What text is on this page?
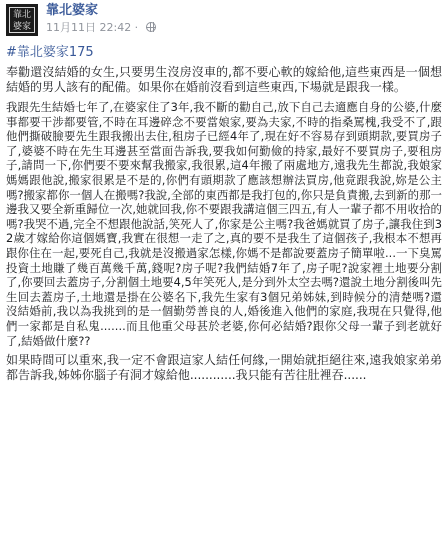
靠北
婆家
靠北婆家
11月11日 22:42 ·
#靠北婆家175

奉勸還沒結婚的女生,只要男生沒房沒車的,都不要心軟的嫁給他,這些東西是一個想結婚的男人該有的配備。如果你在婚前沒看到這些東西,下場就是跟我一樣。

我跟先生結婚七年了,在婆家住了3年,我不斷的勸自己,放下自己去適應自身的公婆,什麼事都要干涉都要管,不時在耳邊碎念不要當娘家,要為夫家,不時的指桑罵槐,我受不了,跟他們撕破臉要先生跟我搬出去住,租房子已經4年了,現在好不容易存到頭期款,要買房子了,婆婆不時在先生耳邊甚至當面告訴我,要我如何勤儉的持家,最好不要買房子,要租房子,請問一下,你們要不要來幫我搬家,我很累,這4年搬了兩處地方,遠我先生都說,我娘家媽媽跟他說,搬家很累是不是的,你們有頭期款了應該想辦法買房,他竟跟我說,妳是公主嗎?搬家都你一個人在搬嗎?我說,全部的東西都是我打包的,你只是負責搬,去到新的那一邊我又要全新重歸位一次,她就回我,你不要跟我講這個三四五,有人一輩子都不用收拾的嗎?我哭不過,完全不想跟他說話,笑死人了,你家是公主嗎?我爸媽就買了房子,讓我住到32歲才嫁給你這個媽寶,我實在很想一走了之,真的要不是我生了這個孩子,我根本不想再跟你住在一起,要死自己,我就是沒搬過家怎樣,你媽不是都說要蓋房子簡單啦...一下臭罵投資土地賺了幾百萬幾千萬,錢呢?房子呢?我們結婚7年了,房子呢?說家裡土地要分割了,你要回去蓋房子,分割個土地要4,5年笑死人,是分到外太空去嗎?還說土地分割後叫先生回去蓋房子,土地還是掛在公婆名下,我先生家有3個兄弟姊妹,到時候分的清楚嗎?還沒結婚前,我以為我挑到的是一個勤勞善良的人,婚後進入他們的家庭,我現在只覺得,他們一家都是自私鬼.......而且他重父母甚於老婆,你何必結婚?跟你父母一輩子到老就好了,結婚做什麼??

如果時間可以重來,我一定不會跟這家人結任何緣,一開始就拒絕往來,遠我娘家弟弟都告訴我,姊姊你腦子有洞才嫁給他............我只能有苦往肚裡吞......
